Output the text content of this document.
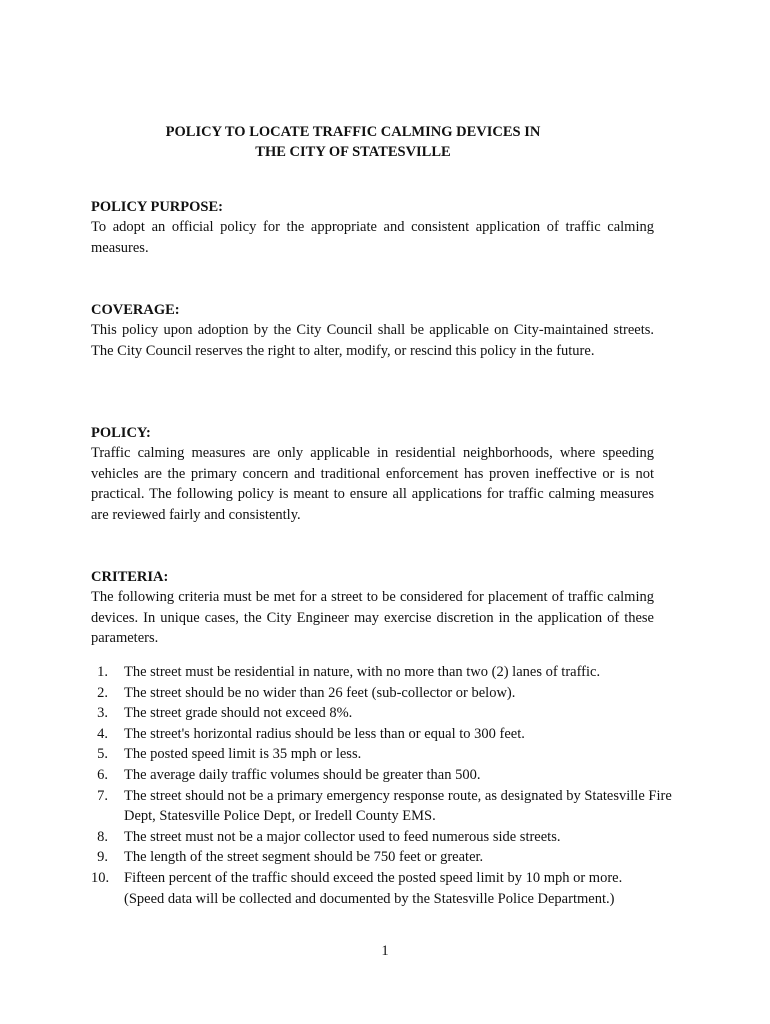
POLICY TO LOCATE TRAFFIC CALMING DEVICES IN
THE CITY OF STATESVILLE
POLICY PURPOSE:
To adopt an official policy for the appropriate and consistent application of traffic calming measures.
COVERAGE:
This policy upon adoption by the City Council shall be applicable on City-maintained streets. The City Council reserves the right to alter, modify, or rescind this policy in the future.
POLICY:
Traffic calming measures are only applicable in residential neighborhoods, where speeding vehicles are the primary concern and traditional enforcement has proven ineffective or is not practical. The following policy is meant to ensure all applications for traffic calming measures are reviewed fairly and consistently.
CRITERIA:
The following criteria must be met for a street to be considered for placement of traffic calming devices. In unique cases, the City Engineer may exercise discretion in the application of these parameters.
1. The street must be residential in nature, with no more than two (2) lanes of traffic.
2. The street should be no wider than 26 feet (sub-collector or below).
3. The street grade should not exceed 8%.
4. The street's horizontal radius should be less than or equal to 300 feet.
5. The posted speed limit is 35 mph or less.
6. The average daily traffic volumes should be greater than 500.
7. The street should not be a primary emergency response route, as designated by Statesville Fire Dept, Statesville Police Dept, or Iredell County EMS.
8. The street must not be a major collector used to feed numerous side streets.
9. The length of the street segment should be 750 feet or greater.
10. Fifteen percent of the traffic should exceed the posted speed limit by 10 mph or more. (Speed data will be collected and documented by the Statesville Police Department.)
1
